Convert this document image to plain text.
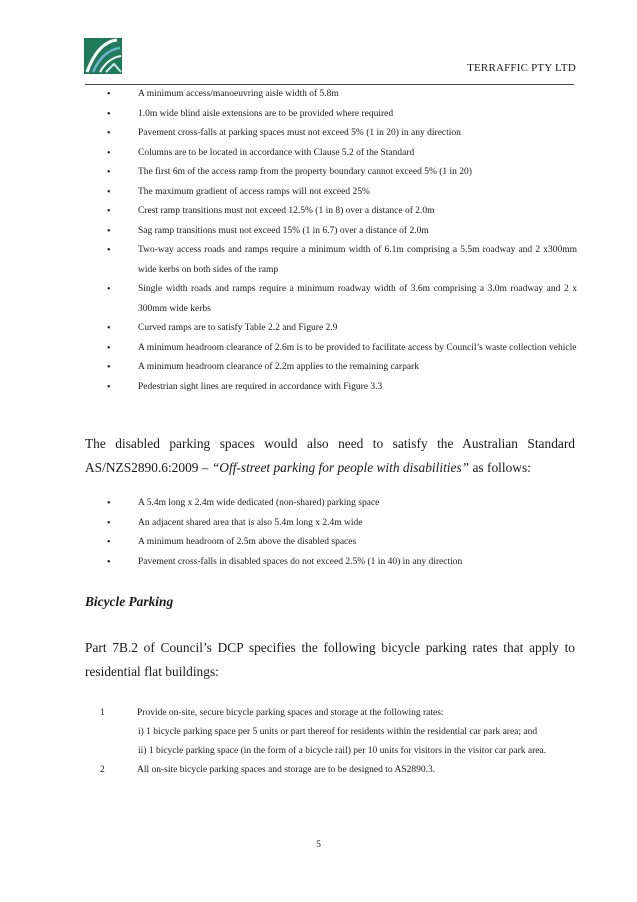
TERRAFFIC PTY LTD
•	A minimum access/manoeuvring aisle width of 5.8m
•	1.0m wide blind aisle extensions are to be provided where required
•	Pavement cross-falls at parking spaces must not exceed 5% (1 in 20) in any direction
•	Columns are to be located in accordance with Clause 5.2 of the Standard
•	The first 6m of the access ramp from the property boundary cannot exceed 5% (1 in 20)
•	The maximum gradient of access ramps will not exceed 25%
•	Crest ramp transitions must not exceed 12.5% (1 in 8) over a distance of 2.0m
•	Sag ramp transitions must not exceed 15% (1 in 6.7) over a distance of 2.0m
•	Two-way access roads and ramps require a minimum width of 6.1m comprising a 5.5m roadway and 2 x300mm wide kerbs on both sides of the ramp
•	Single width roads and ramps require a minimum roadway width of 3.6m comprising a 3.0m roadway and 2 x 300mm wide kerbs
•	Curved ramps are to satisfy Table 2.2 and Figure 2.9
•	A minimum headroom clearance of 2.6m is to be provided to facilitate access by Council’s waste collection vehicle
•	A minimum headroom clearance of 2.2m applies to the remaining carpark
•	Pedestrian sight lines are required in accordance with Figure 3.3
The disabled parking spaces would also need to satisfy the Australian Standard AS/NZS2890.6:2009 – “Off-street parking for people with disabilities” as follows:
•	A 5.4m long x 2.4m wide dedicated (non-shared) parking space
•	An adjacent shared area that is also 5.4m long x 2.4m wide
•	A minimum headroom of 2.5m above the disabled spaces
•	Pavement cross-falls in disabled spaces do not exceed 2.5% (1 in 40) in any direction
Bicycle Parking
Part 7B.2 of Council’s DCP specifies the following bicycle parking rates that apply to residential flat buildings:
1	Provide on-site, secure bicycle parking spaces and storage at the following rates:
i) 1 bicycle parking space per 5 units or part thereof for residents within the residential car park area; and
ii) 1 bicycle parking space (in the form of a bicycle rail) per 10 units for visitors in the visitor car park area.
2	All on-site bicycle parking spaces and storage are to be designed to AS2890.3.
5
